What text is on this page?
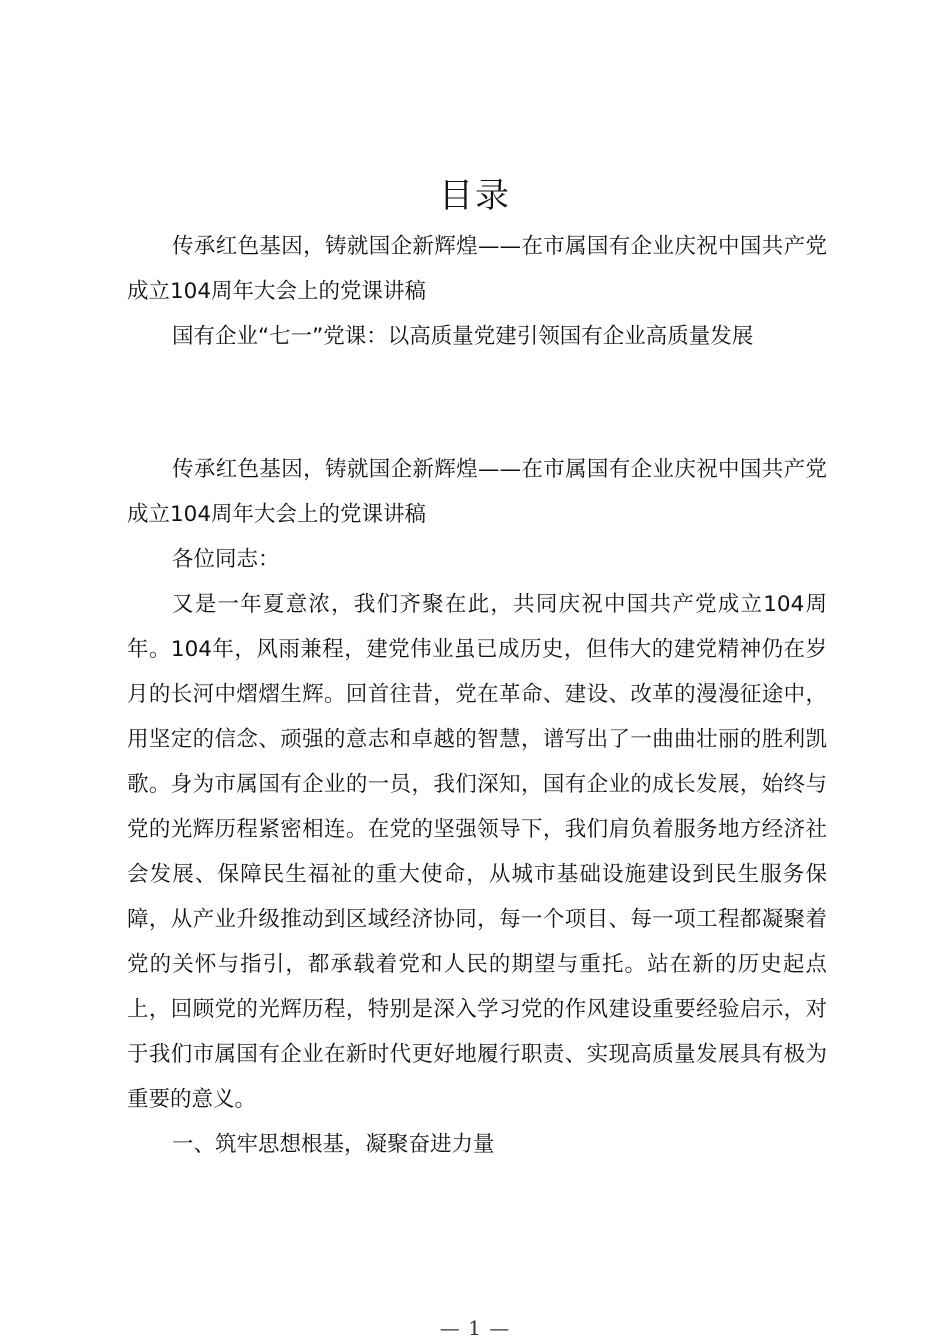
目录

传承红色基因，铸就国企新辉煌——在市属国有企业庆祝中国共产党成立104周年大会上的党课讲稿

国有企业“七一”党课：以高质量党建引领国有企业高质量发展

传承红色基因，铸就国企新辉煌——在市属国有企业庆祝中国共产党成立104周年大会上的党课讲稿

各位同志：

又是一年夏意浓，我们齐聚在此，共同庆祝中国共产党成立104周年。104年，风雨兼程，建党伟业虽已成历史，但伟大的建党精神仍在岁月的长河中熠熠生辉。回首往昔，党在革命、建设、改革的漫漫征途中，用坚定的信念、顽强的意志和卓越的智慧，谱写出了一曲曲壮丽的胜利凯歌。身为市属国有企业的一员，我们深知，国有企业的成长发展，始终与党的光辉历程紧密相连。在党的坚强领导下，我们肩负着服务地方经济社会发展、保障民生福祉的重大使命，从城市基础设施建设到民生服务保障，从产业升级推动到区域经济协同，每一个项目、每一项工程都凝聚着党的关怀与指引，都承载着党和人民的期望与重托。站在新的历史起点上，回顾党的光辉历程，特别是深入学习党的作风建设重要经验启示，对于我们市属国有企业在新时代更好地履行职责、实现高质量发展具有极为重要的意义。

一、筑牢思想根基，凝聚奋进力量

— 1 —
